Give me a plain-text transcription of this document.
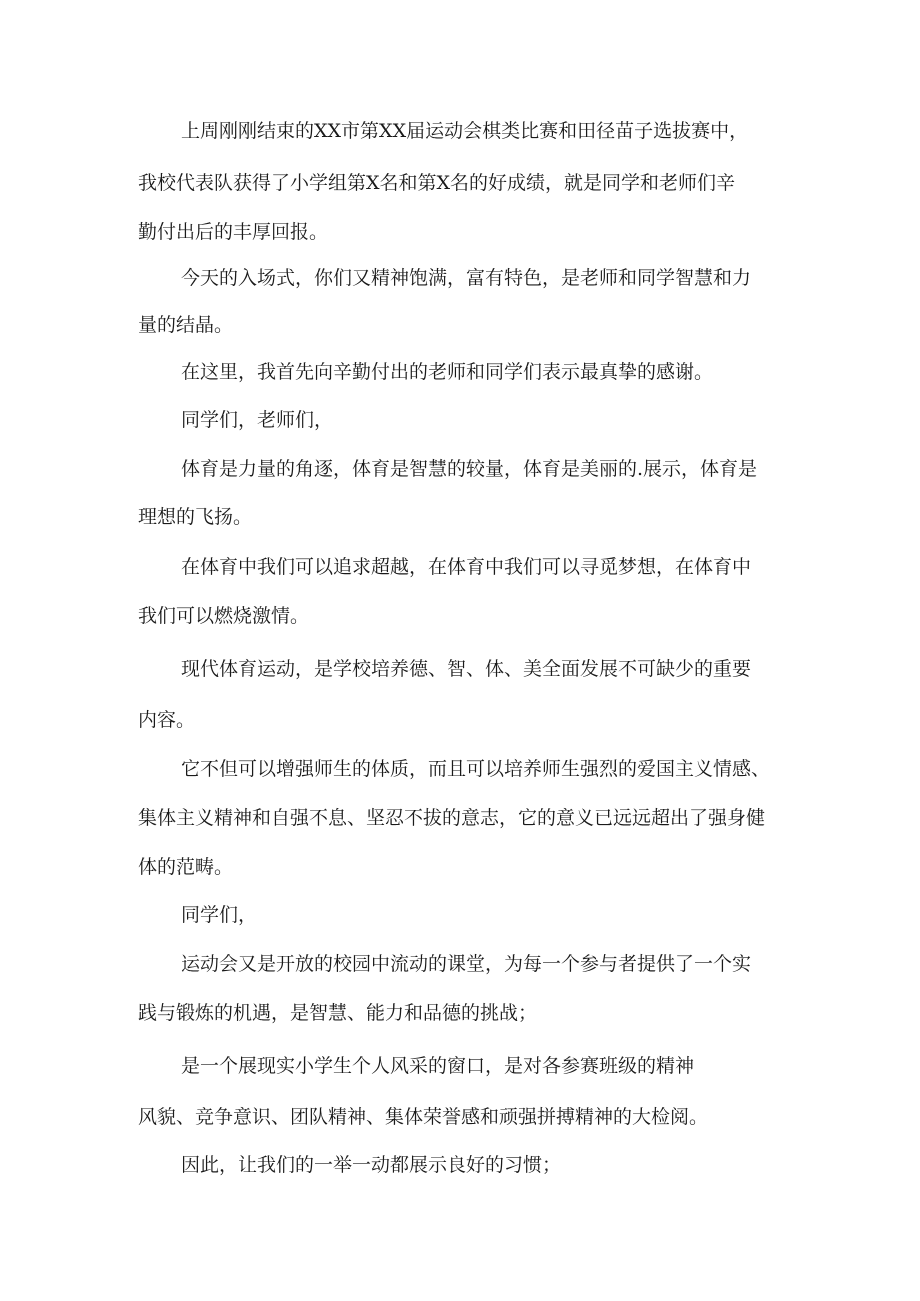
上周刚刚结束的XX市第XX届运动会棋类比赛和田径苗子选拔赛中，
我校代表队获得了小学组第X名和第X名的好成绩，就是同学和老师们辛
勤付出后的丰厚回报。
今天的入场式，你们又精神饱满，富有特色，是老师和同学智慧和力
量的结晶。
在这里，我首先向辛勤付出的老师和同学们表示最真挚的感谢。
同学们，老师们，
体育是力量的角逐，体育是智慧的较量，体育是美丽的.展示，体育是
理想的飞扬。
在体育中我们可以追求超越，在体育中我们可以寻觅梦想，在体育中
我们可以燃烧激情。
现代体育运动，是学校培养德、智、体、美全面发展不可缺少的重要
内容。
它不但可以增强师生的体质，而且可以培养师生强烈的爱国主义情感、
集体主义精神和自强不息、坚忍不拔的意志，它的意义已远远超出了强身健
体的范畴。
同学们，
运动会又是开放的校园中流动的课堂，为每一个参与者提供了一个实
践与锻炼的机遇，是智慧、能力和品德的挑战；
是一个展现实小学生个人风采的窗口，是对各参赛班级的精神
风貌、竞争意识、团队精神、集体荣誉感和顽强拼搏精神的大检阅。
因此，让我们的一举一动都展示良好的习惯；
